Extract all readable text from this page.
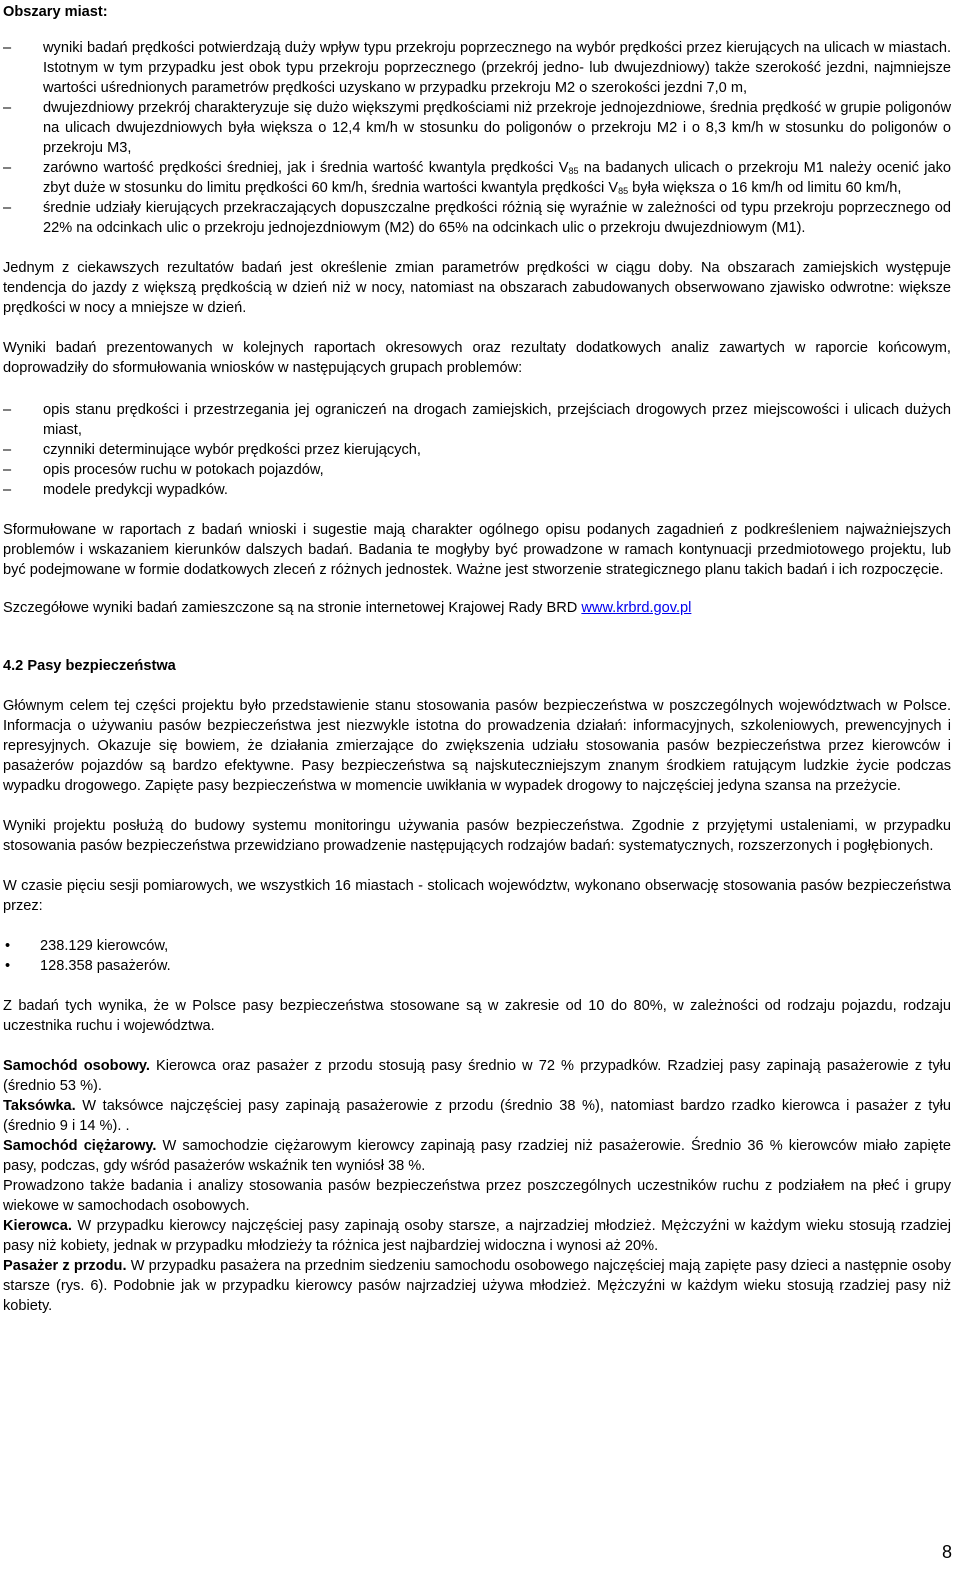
Obszary miast:

–	wyniki badań prędkości potwierdzają duży wpływ typu przekroju poprzecznego na wybór prędkości przez kierujących na ulicach w miastach. Istotnym w tym przypadku jest obok typu przekroju poprzecznego (przekrój jedno- lub dwujezdniowy) także szerokość jezdni, najmniejsze wartości uśrednionych parametrów prędkości uzyskano w przypadku przekroju M2 o szerokości jezdni 7,0 m,
–	dwujezdniowy przekrój charakteryzuje się dużo większymi prędkościami niż przekroje jednojezdniowe, średnia prędkość w grupie poligonów na ulicach dwujezdniowych była większa o 12,4 km/h w stosunku do poligonów o przekroju M2 i o 8,3 km/h w stosunku do poligonów o przekroju M3,
–	zarówno wartość prędkości średniej, jak i średnia wartość kwantyla prędkości $V_{85}$ na badanych ulicach o przekroju M1 należy ocenić jako zbyt duże w stosunku do limitu prędkości 60 km/h, średnia wartości kwantyla prędkości $V_{85}$ była większa o 16 km/h od limitu 60 km/h,
–	średnie udziały kierujących przekraczających dopuszczalne prędkości różnią się wyraźnie w zależności od typu przekroju poprzecznego od 22% na odcinkach ulic o przekroju jednojezdniowym (M2) do 65% na odcinkach ulic o przekroju dwujezdniowym (M1).

Jednym z ciekawszych rezultatów badań jest określenie zmian parametrów prędkości w ciągu doby. Na obszarach zamiejskich występuje tendencja do jazdy z większą prędkością w dzień niż w nocy, natomiast na obszarach zabudowanych obserwowano zjawisko odwrotne: większe prędkości w nocy a mniejsze w dzień.

Wyniki badań prezentowanych w kolejnych raportach okresowych oraz rezultaty dodatkowych analiz zawartych w raporcie końcowym, doprowadziły do sformułowania wniosków w następujących grupach problemów:

–	opis stanu prędkości i przestrzegania jej ograniczeń na drogach zamiejskich, przejściach drogowych przez miejscowości i ulicach dużych miast,
–	czynniki determinujące wybór prędkości przez kierujących,
–	opis procesów ruchu w potokach pojazdów,
–	modele predykcji wypadków.

Sformułowane w raportach z badań wnioski i sugestie mają charakter ogólnego opisu podanych zagadnień z podkreśleniem najważniejszych problemów i wskazaniem kierunków dalszych badań. Badania te mogłyby być prowadzone w ramach kontynuacji przedmiotowego projektu, lub być podejmowane w formie dodatkowych zleceń z różnych jednostek. Ważne jest stworzenie strategicznego planu takich badań i ich rozpoczęcie.

Szczegółowe wyniki badań zamieszczone są na stronie internetowej Krajowej Rady BRD www.krbrd.gov.pl

4.2 Pasy bezpieczeństwa

Głównym celem tej części projektu było przedstawienie stanu stosowania pasów bezpieczeństwa w poszczególnych województwach w Polsce. Informacja o używaniu pasów bezpieczeństwa jest niezwykle istotna do prowadzenia działań: informacyjnych, szkoleniowych, prewencyjnych i represyjnych. Okazuje się bowiem, że działania zmierzające do zwiększenia udziału stosowania pasów bezpieczeństwa przez kierowców i pasażerów pojazdów są bardzo efektywne. Pasy bezpieczeństwa są najskuteczniejszym znanym środkiem ratującym ludzkie życie podczas wypadku drogowego. Zapięte pasy bezpieczeństwa w momencie uwikłania w wypadek drogowy to najczęściej jedyna szansa na przeżycie.

Wyniki projektu posłużą do budowy systemu monitoringu używania pasów bezpieczeństwa. Zgodnie z przyjętymi ustaleniami, w przypadku stosowania pasów bezpieczeństwa przewidziano prowadzenie następujących rodzajów badań: systematycznych, rozszerzonych i pogłębionych.

W czasie pięciu sesji pomiarowych, we wszystkich 16 miastach - stolicach województw, wykonano obserwację stosowania pasów bezpieczeństwa przez:

• 238.129 kierowców,
• 128.358 pasażerów.

Z badań tych wynika, że w Polsce pasy bezpieczeństwa stosowane są w zakresie od 10 do 80%, w zależności od rodzaju pojazdu, rodzaju uczestnika ruchu i województwa.

Samochód osobowy. Kierowca oraz pasażer z przodu stosują pasy średnio w 72 % przypadków. Rzadziej pasy zapinają pasażerowie z tyłu (średnio 53 %).

Taksówka. W taksówce najczęściej pasy zapinają pasażerowie z przodu (średnio 38 %), natomiast bardzo rzadko kierowca i pasażer z tyłu (średnio 9 i 14 %). .

Samochód ciężarowy. W samochodzie ciężarowym kierowcy zapinają pasy rzadziej niż pasażerowie. Średnio 36 % kierowców miało zapięte pasy, podczas, gdy wśród pasażerów wskaźnik ten wyniósł 38 %.

Prowadzono także badania i analizy stosowania pasów bezpieczeństwa przez poszczególnych uczestników ruchu z podziałem na płeć i grupy wiekowe w samochodach osobowych.

Kierowca. W przypadku kierowcy najczęściej pasy zapinają osoby starsze, a najrzadziej młodzież. Mężczyźni w każdym wieku stosują rzadziej pasy niż kobiety, jednak w przypadku młodzieży ta różnica jest najbardziej widoczna i wynosi aż 20%.

Pasażer z przodu. W przypadku pasażera na przednim siedzeniu samochodu osobowego najczęściej mają zapięte pasy dzieci a następnie osoby starsze (rys. 6). Podobnie jak w przypadku kierowcy pasów najrzadziej używa młodzież. Mężczyźni w każdym wieku stosują rzadziej pasy niż kobiety.

8
